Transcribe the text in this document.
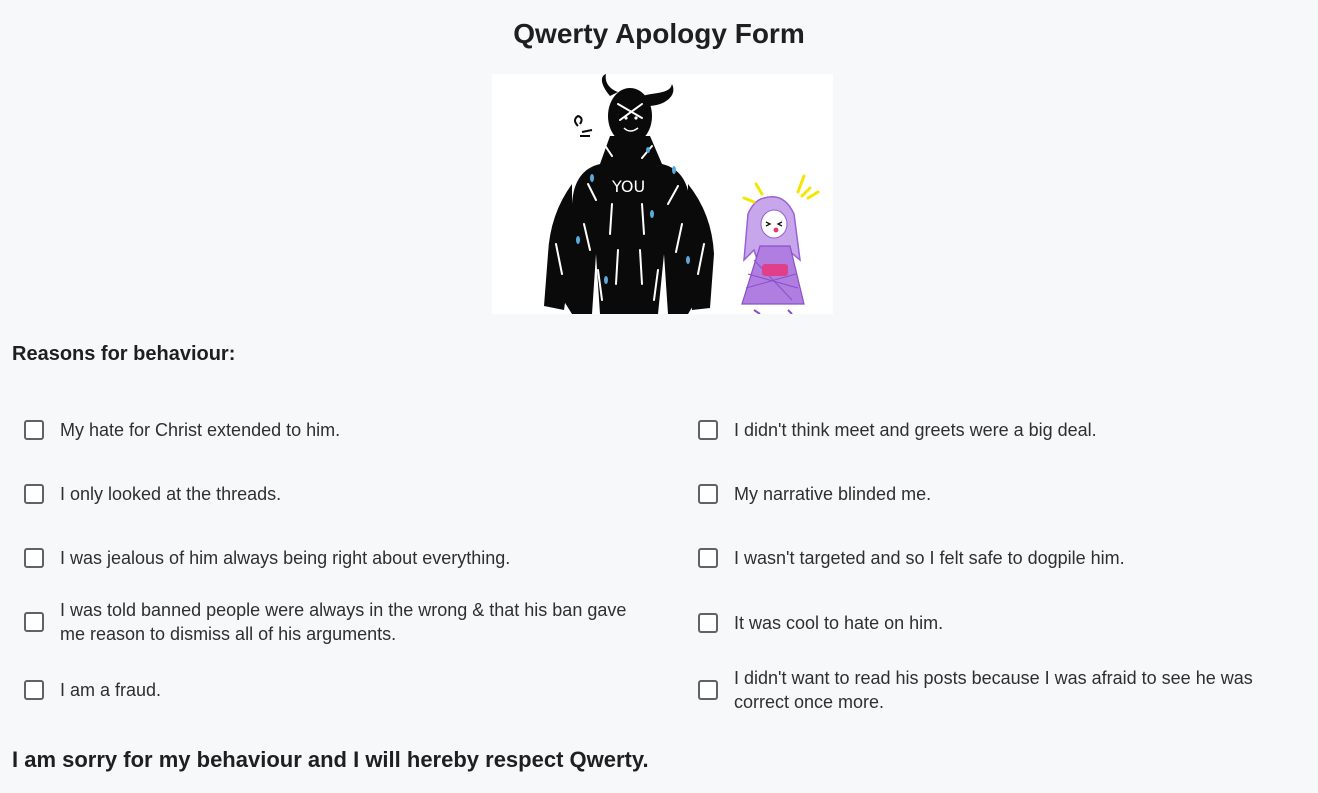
Qwerty Apology Form
YOU
Reasons for behaviour:
My hate for Christ extended to him.
I only looked at the threads.
I was jealous of him always being right about everything.
I was told banned people were always in the wrong & that his ban gave me reason to dismiss all of his arguments.
I am a fraud.
I didn't think meet and greets were a big deal.
My narrative blinded me.
I wasn't targeted and so I felt safe to dogpile him.
It was cool to hate on him.
I didn't want to read his posts because I was afraid to see he was correct once more.
I am sorry for my behaviour and I will hereby respect Qwerty.
